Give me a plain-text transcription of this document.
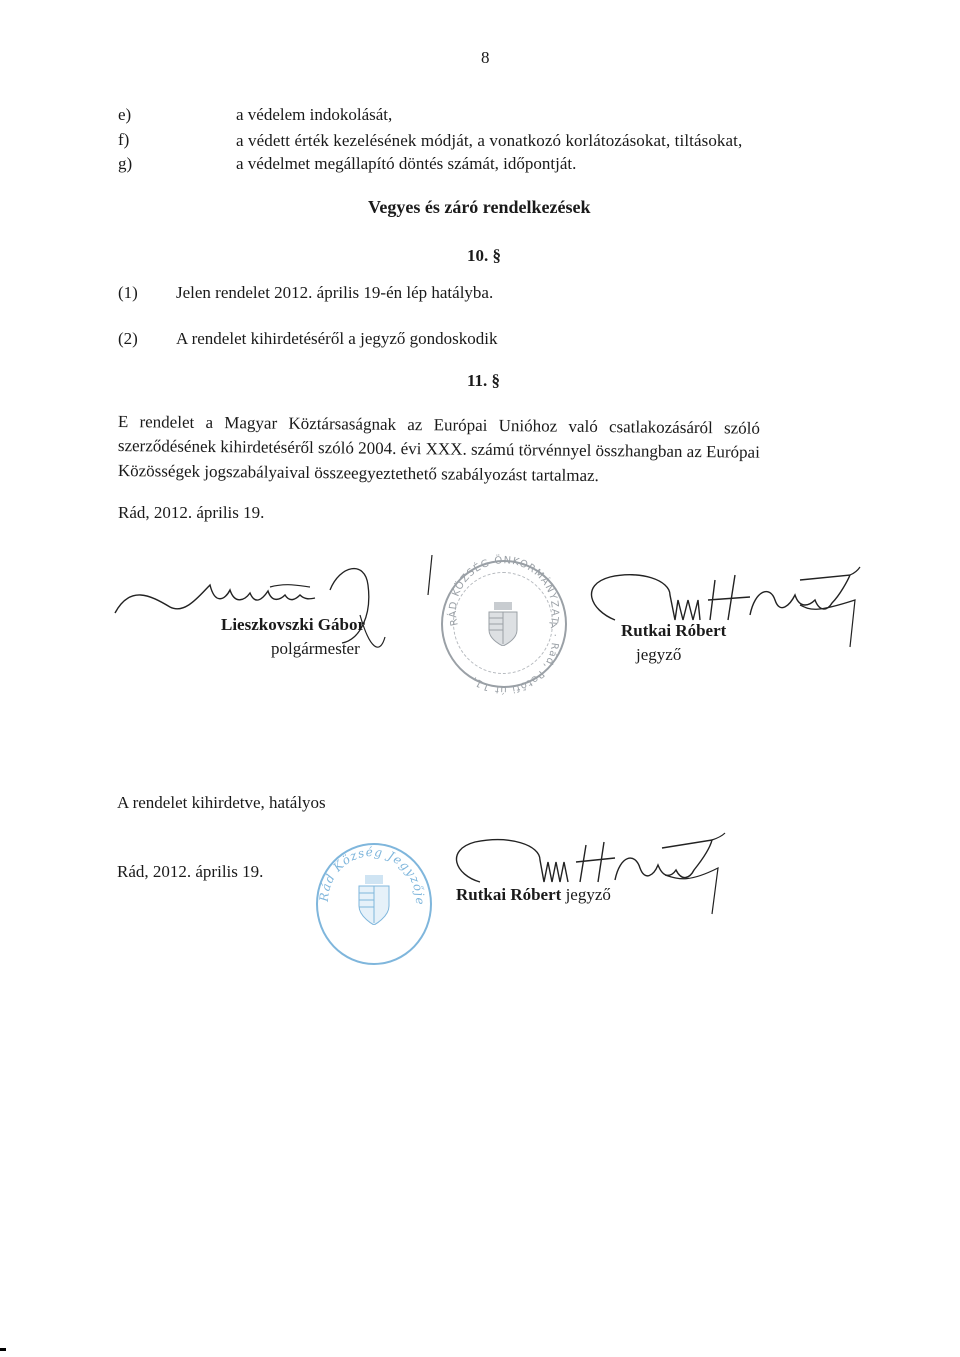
8
e)	a védelem indokolását,
f)	a védett érték kezelésének módját, a vonatkozó korlátozásokat, tiltásokat,
g)	a védelmet megállapító döntés számát, időpontját.
Vegyes és záró rendelkezések
10. §
(1) Jelen rendelet 2012. április 19-én lép hatályba.
(2) A rendelet kihirdetéséről a jegyző gondoskodik
11. §
E rendelet a Magyar Köztársaságnak az Európai Unióhoz való csatlakozásáról szóló
szerződésének kihirdetéséről szóló 2004. évi XXX. számú törvénnyel összhangban az Európai
Közösségek jogszabályaival összeegyeztethető szabályozást tartalmaz.
Rád, 2012. április 19.
Lieszkovszki Gábor
polgármester
RÁD KÖZSÉG ÖNKORMÁNYZATA · Rád, Petőfi út 11.
Rutkai Róbert
jegyző
A rendelet kihirdetve, hatályos
Rád, 2012. április 19.
Rád Község Jegyzője Rutkai Róbert jegyző
